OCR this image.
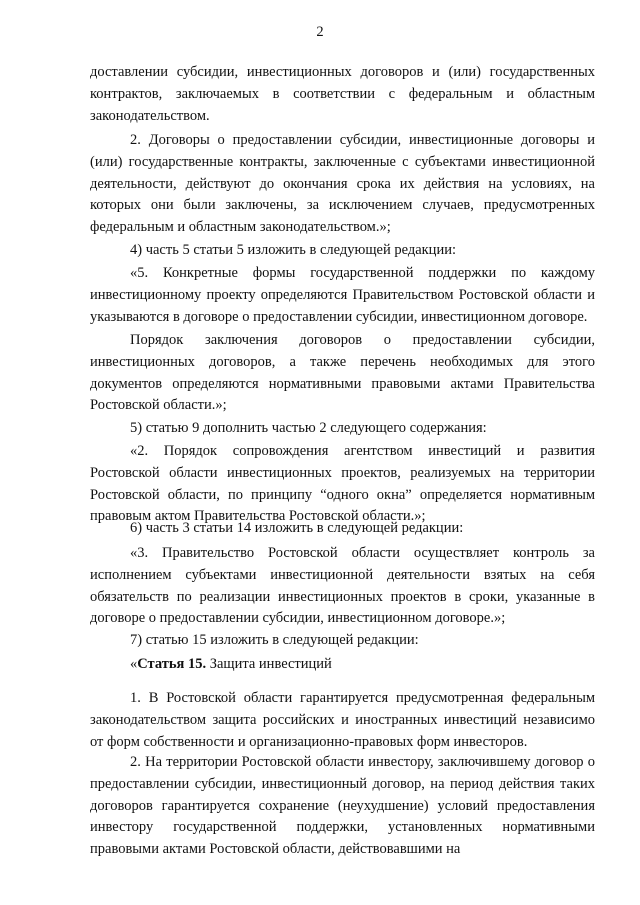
2
доставлении субсидии, инвестиционных договоров и (или) государственных контрактов, заключаемых в соответствии с федеральным и областным законодательством.
2. Договоры о предоставлении субсидии, инвестиционные договоры и (или) государственные контракты, заключенные с субъектами инвестиционной деятельности, действуют до окончания срока их действия на условиях, на которых они были заключены, за исключением случаев, предусмотренных федеральным и областным законодательством.»;
4) часть 5 статьи 5 изложить в следующей редакции:
«5. Конкретные формы государственной поддержки по каждому инвестиционному проекту определяются Правительством Ростовской области и указываются в договоре о предоставлении субсидии, инвестиционном договоре.
Порядок заключения договоров о предоставлении субсидии, инвестиционных договоров, а также перечень необходимых для этого документов определяются нормативными правовыми актами Правительства Ростовской области.»;
5) статью 9 дополнить частью 2 следующего содержания:
«2. Порядок сопровождения агентством инвестиций и развития Ростовской области инвестиционных проектов, реализуемых на территории Ростовской области, по принципу “одного окна” определяется нормативным правовым актом Правительства Ростовской области.»;
6) часть 3 статьи 14 изложить в следующей редакции:
«3. Правительство Ростовской области осуществляет контроль за исполнением субъектами инвестиционной деятельности взятых на себя обязательств по реализации инвестиционных проектов в сроки, указанные в договоре о предоставлении субсидии, инвестиционном договоре.»;
7) статью 15 изложить в следующей редакции:
«Статья 15. Защита инвестиций
1. В Ростовской области гарантируется предусмотренная федеральным законодательством защита российских и иностранных инвестиций независимо от форм собственности и организационно-правовых форм инвесторов.
2. На территории Ростовской области инвестору, заключившему договор о предоставлении субсидии, инвестиционный договор, на период действия таких договоров гарантируется сохранение (неухудшение) условий предоставления инвестору государственной поддержки, установленных нормативными правовыми актами Ростовской области, действовавшими на
